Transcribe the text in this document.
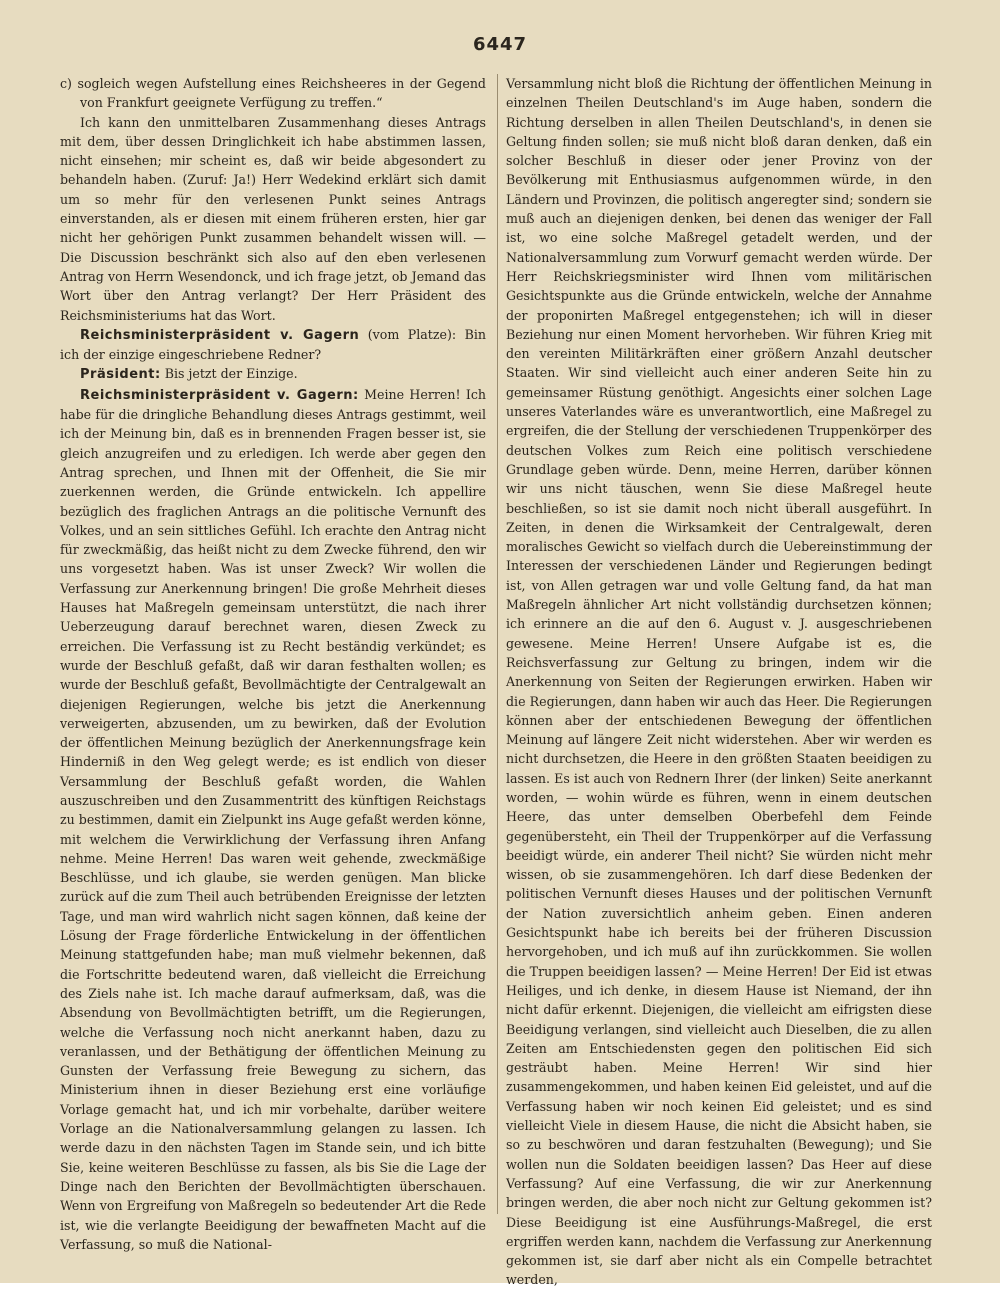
6447

c) sogleich wegen Aufstellung eines Reichsheeres in der Gegend von Frankfurt geeignete Verfügung zu treffen.“

Ich kann den unmittelbaren Zusammenhang dieses Antrags mit dem, über dessen Dringlichkeit ich habe abstimmen lassen, nicht einsehen; mir scheint es, daß wir beide abgesondert zu behandeln haben. (Zuruf: Ja!) Herr Wedekind erklärt sich damit um so mehr für den verlesenen Punkt seines Antrags einverstanden, als er diesen mit einem früheren ersten, hier gar nicht her gehörigen Punkt zusammen behandelt wissen will. — Die Discussion beschränkt sich also auf den eben verlesenen Antrag von Herrn Wesendonck, und ich frage jetzt, ob Jemand das Wort über den Antrag verlangt? Der Herr Präsident des Reichsministeriums hat das Wort.

Reichsministerpräsident v. Gagern (vom Platze): Bin ich der einzige eingeschriebene Redner?

Präsident: Bis jetzt der Einzige.

Reichsministerpräsident v. Gagern: Meine Herren! Ich habe für die dringliche Behandlung dieses Antrags gestimmt, weil ich der Meinung bin, daß es in brennenden Fragen besser ist, sie gleich anzugreifen und zu erledigen. Ich werde aber gegen den Antrag sprechen, und Ihnen mit der Offenheit, die Sie mir zuerkennen werden, die Gründe entwickeln. Ich appellire bezüglich des fraglichen Antrags an die politische Vernunft des Volkes, und an sein sittliches Gefühl. Ich erachte den Antrag nicht für zweckmäßig, das heißt nicht zu dem Zwecke führend, den wir uns vorgesetzt haben. Was ist unser Zweck? Wir wollen die Verfassung zur Anerkennung bringen! Die große Mehrheit dieses Hauses hat Maßregeln gemeinsam unterstützt, die nach ihrer Ueberzeugung darauf berechnet waren, diesen Zweck zu erreichen. Die Verfassung ist zu Recht beständig verkündet; es wurde der Beschluß gefaßt, daß wir daran festhalten wollen; es wurde der Beschluß gefaßt, Bevollmächtigte der Centralgewalt an diejenigen Regierungen, welche bis jetzt die Anerkennung verweigerten, abzusenden, um zu bewirken, daß der Evolution der öffentlichen Meinung bezüglich der Anerkennungsfrage kein Hinderniß in den Weg gelegt werde; es ist endlich von dieser Versammlung der Beschluß gefaßt worden, die Wahlen auszuschreiben und den Zusammentritt des künftigen Reichstags zu bestimmen, damit ein Zielpunkt ins Auge gefaßt werden könne, mit welchem die Verwirklichung der Verfassung ihren Anfang nehme. Meine Herren! Das waren weit gehende, zweckmäßige Beschlüsse, und ich glaube, sie werden genügen. Man blicke zurück auf die zum Theil auch betrübenden Ereignisse der letzten Tage, und man wird wahrlich nicht sagen können, daß keine der Lösung der Frage förderliche Entwickelung in der öffentlichen Meinung stattgefunden habe; man muß vielmehr bekennen, daß die Fortschritte bedeutend waren, daß vielleicht die Erreichung des Ziels nahe ist. Ich mache darauf aufmerksam, daß, was die Absendung von Bevollmächtigten betrifft, um die Regierungen, welche die Verfassung noch nicht anerkannt haben, dazu zu veranlassen, und der Bethätigung der öffentlichen Meinung zu Gunsten der Verfassung freie Bewegung zu sichern, das Ministerium ihnen in dieser Beziehung erst eine vorläufige Vorlage gemacht hat, und ich mir vorbehalte, darüber weitere Vorlage an die Nationalversammlung gelangen zu lassen. Ich werde dazu in den nächsten Tagen im Stande sein, und ich bitte Sie, keine weiteren Beschlüsse zu fassen, als bis Sie die Lage der Dinge nach den Berichten der Bevollmächtigten überschauen. Wenn von Ergreifung von Maßregeln so bedeutender Art die Rede ist, wie die verlangte Beeidigung der bewaffneten Macht auf die Verfassung, so muß die National-

Versammlung nicht bloß die Richtung der öffentlichen Meinung in einzelnen Theilen Deutschland's im Auge haben, sondern die Richtung derselben in allen Theilen Deutschland's, in denen sie Geltung finden sollen; sie muß nicht bloß daran denken, daß ein solcher Beschluß in dieser oder jener Provinz von der Bevölkerung mit Enthusiasmus aufgenommen würde, in den Ländern und Provinzen, die politisch angeregter sind; sondern sie muß auch an diejenigen denken, bei denen das weniger der Fall ist, wo eine solche Maßregel getadelt werden, und der Nationalversammlung zum Vorwurf gemacht werden würde. Der Herr Reichskriegsminister wird Ihnen vom militärischen Gesichtspunkte aus die Gründe entwickeln, welche der Annahme der proponirten Maßregel entgegenstehen; ich will in dieser Beziehung nur einen Moment hervorheben. Wir führen Krieg mit den vereinten Militärkräften einer größern Anzahl deutscher Staaten. Wir sind vielleicht auch einer anderen Seite hin zu gemeinsamer Rüstung genöthigt. Angesichts einer solchen Lage unseres Vaterlandes wäre es unverantwortlich, eine Maßregel zu ergreifen, die der Stellung der verschiedenen Truppenkörper des deutschen Volkes zum Reich eine politisch verschiedene Grundlage geben würde. Denn, meine Herren, darüber können wir uns nicht täuschen, wenn Sie diese Maßregel heute beschließen, so ist sie damit noch nicht überall ausgeführt. In Zeiten, in denen die Wirksamkeit der Centralgewalt, deren moralisches Gewicht so vielfach durch die Uebereinstimmung der Interessen der verschiedenen Länder und Regierungen bedingt ist, von Allen getragen war und volle Geltung fand, da hat man Maßregeln ähnlicher Art nicht vollständig durchsetzen können; ich erinnere an die auf den 6. August v. J. ausgeschriebenen gewesene. Meine Herren! Unsere Aufgabe ist es, die Reichsverfassung zur Geltung zu bringen, indem wir die Anerkennung von Seiten der Regierungen erwirken. Haben wir die Regierungen, dann haben wir auch das Heer. Die Regierungen können aber der entschiedenen Bewegung der öffentlichen Meinung auf längere Zeit nicht widerstehen. Aber wir werden es nicht durchsetzen, die Heere in den größten Staaten beeidigen zu lassen. Es ist auch von Rednern Ihrer (der linken) Seite anerkannt worden, — wohin würde es führen, wenn in einem deutschen Heere, das unter demselben Oberbefehl dem Feinde gegenübersteht, ein Theil der Truppenkörper auf die Verfassung beeidigt würde, ein anderer Theil nicht? Sie würden nicht mehr wissen, ob sie zusammengehören. Ich darf diese Bedenken der politischen Vernunft dieses Hauses und der politischen Vernunft der Nation zuversichtlich anheim geben. Einen anderen Gesichtspunkt habe ich bereits bei der früheren Discussion hervorgehoben, und ich muß auf ihn zurückkommen. Sie wollen die Truppen beeidigen lassen? — Meine Herren! Der Eid ist etwas Heiliges, und ich denke, in diesem Hause ist Niemand, der ihn nicht dafür erkennt. Diejenigen, die vielleicht am eifrigsten diese Beeidigung verlangen, sind vielleicht auch Dieselben, die zu allen Zeiten am Entschiedensten gegen den politischen Eid sich gesträubt haben. Meine Herren! Wir sind hier zusammengekommen, und haben keinen Eid geleistet, und auf die Verfassung haben wir noch keinen Eid geleistet; und es sind vielleicht Viele in diesem Hause, die nicht die Absicht haben, sie so zu beschwören und daran festzuhalten (Bewegung); und Sie wollen nun die Soldaten beeidigen lassen? Das Heer auf diese Verfassung? Auf eine Verfassung, die wir zur Anerkennung bringen werden, die aber noch nicht zur Geltung gekommen ist? Diese Beeidigung ist eine Ausführungs-Maßregel, die erst ergriffen werden kann, nachdem die Verfassung zur Anerkennung gekommen ist, sie darf aber nicht als ein Compelle betrachtet werden,
